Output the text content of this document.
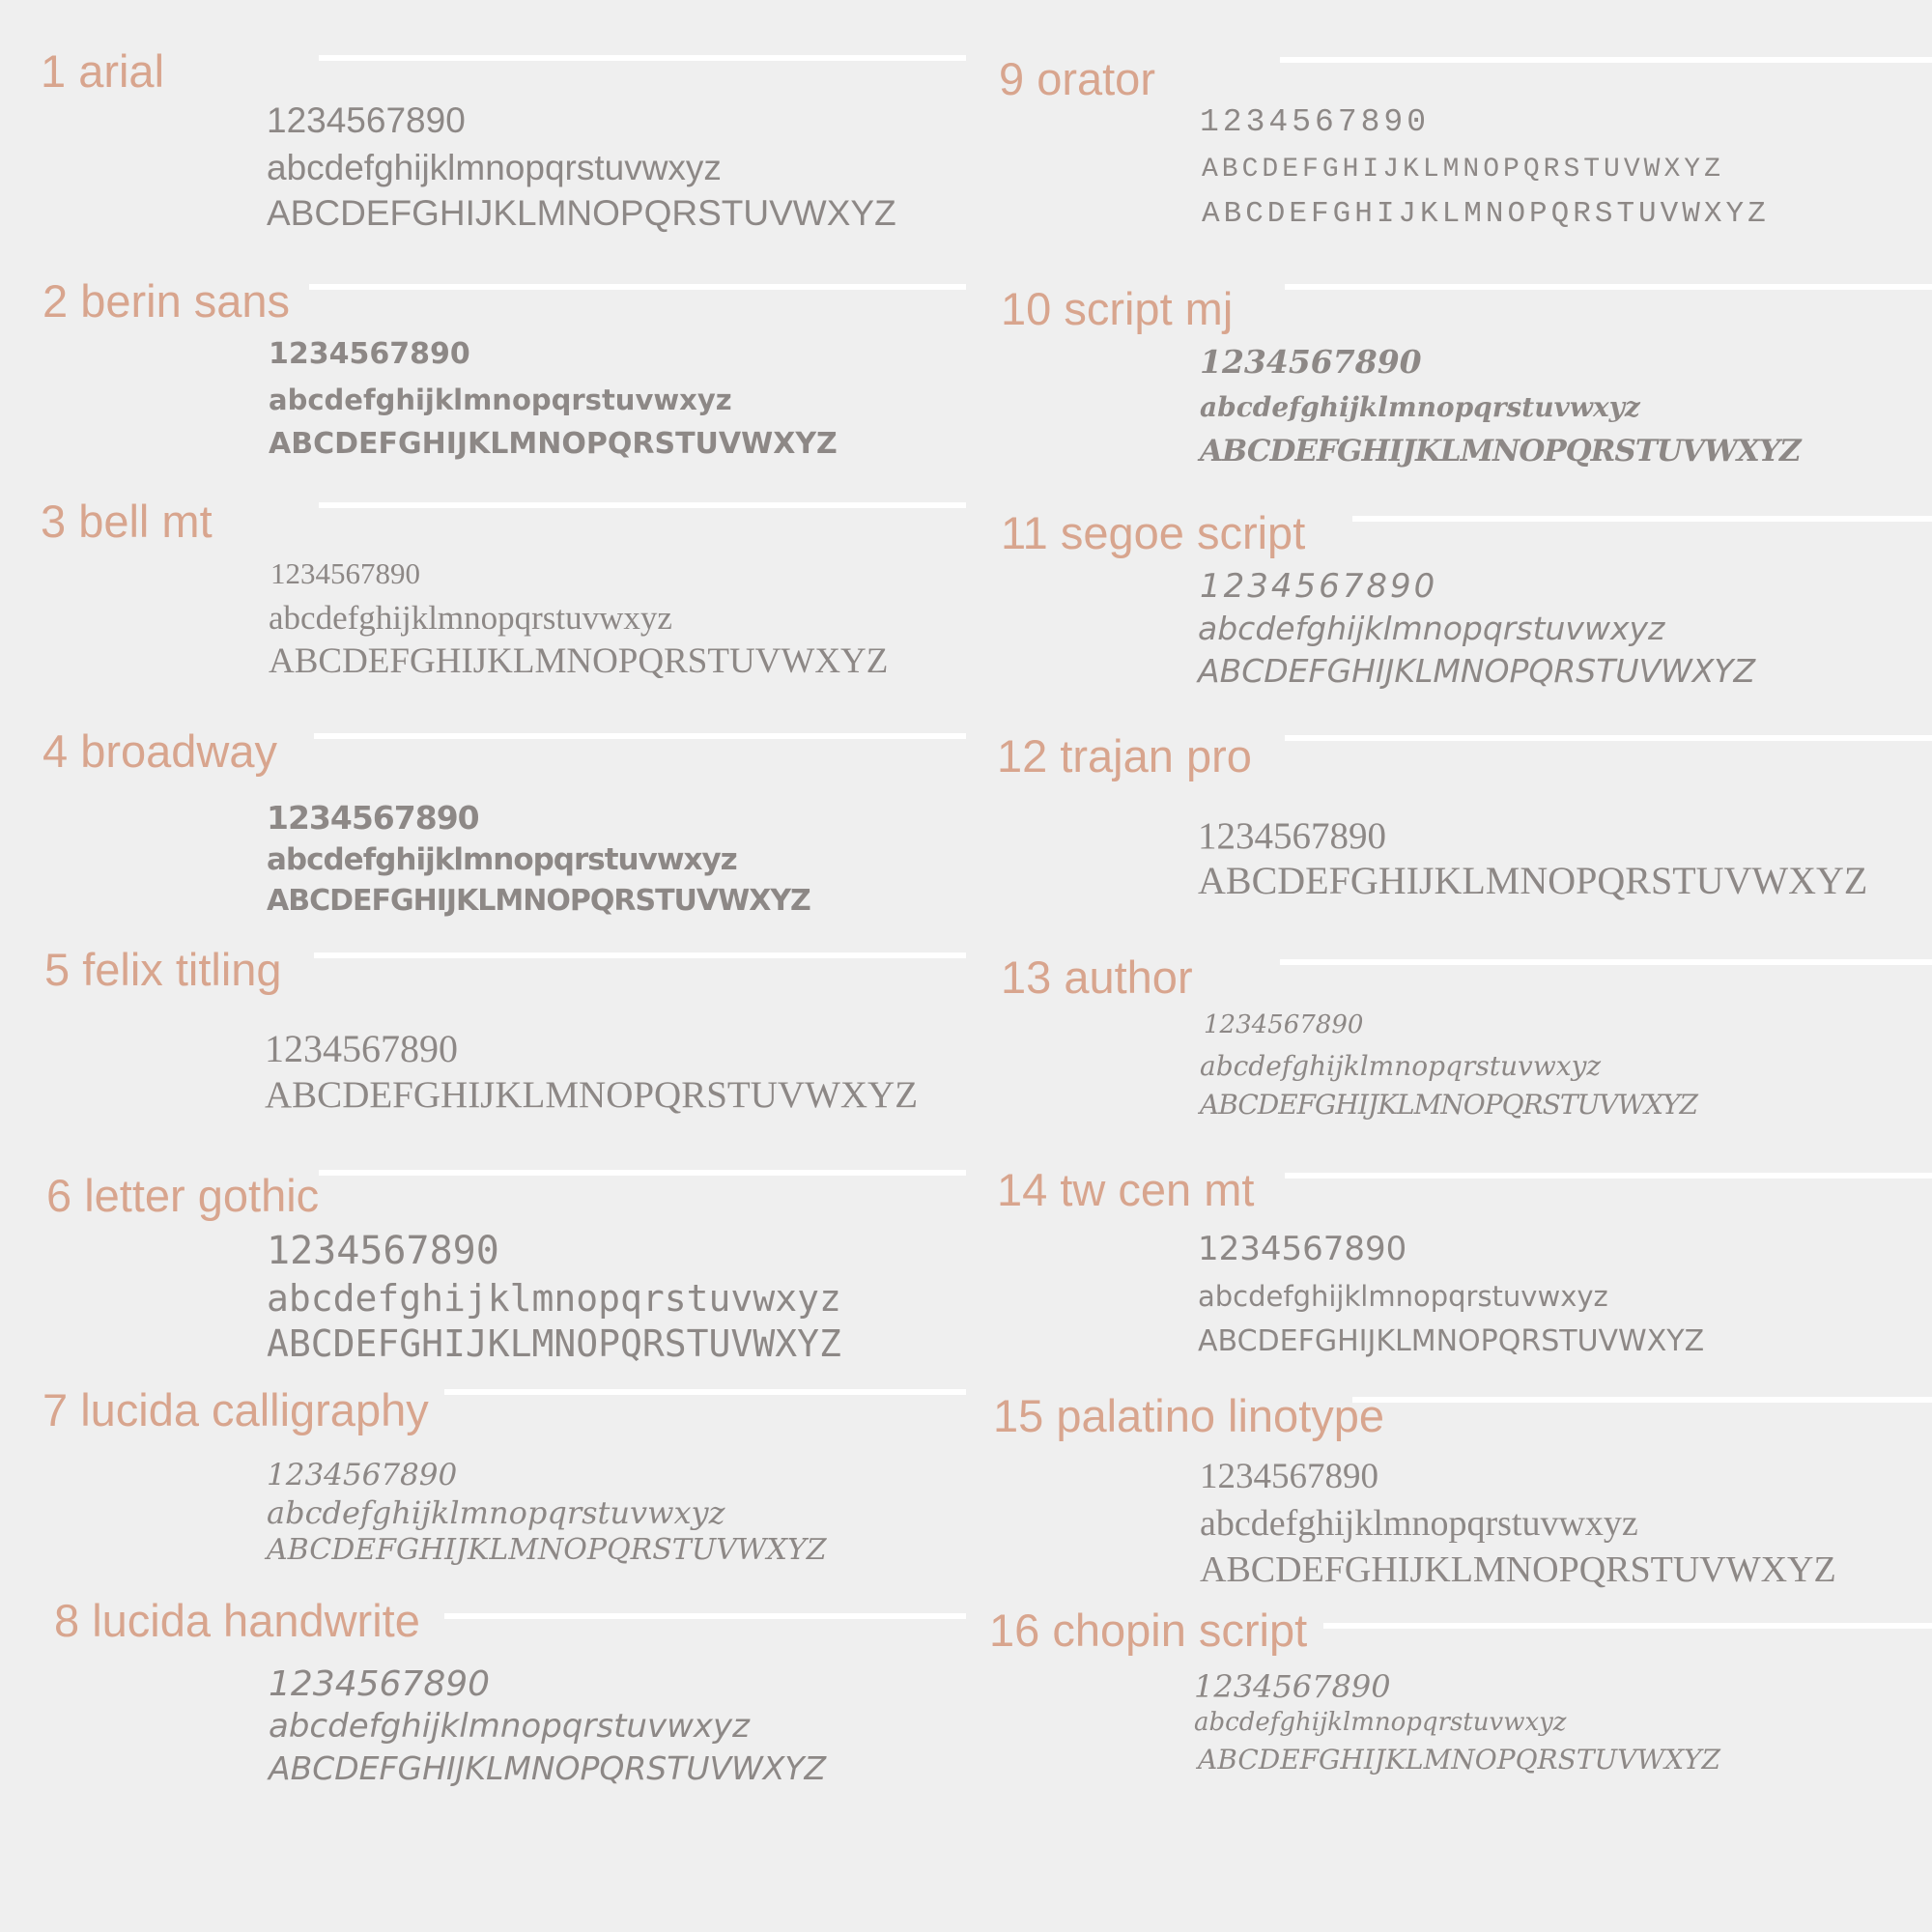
1 arial
1234567890
abcdefghijklmnopqrstuvwxyz
ABCDEFGHIJKLMNOPQRSTUVWXYZ
2 berin sans
1234567890
abcdefghijklmnopqrstuvwxyz
ABCDEFGHIJKLMNOPQRSTUVWXYZ
3 bell mt
1234567890
abcdefghijklmnopqrstuvwxyz
ABCDEFGHIJKLMNOPQRSTUVWXYZ
4 broadway
1234567890
abcdefghijklmnopqrstuvwxyz
ABCDEFGHIJKLMNOPQRSTUVWXYZ
5 felix titling
1234567890
ABCDEFGHIJKLMNOPQRSTUVWXYZ
6 letter gothic
1234567890
abcdefghijklmnopqrstuvwxyz
ABCDEFGHIJKLMNOPQRSTUVWXYZ
7 lucida calligraphy
1234567890
abcdefghijklmnopqrstuvwxyz
ABCDEFGHIJKLMNOPQRSTUVWXYZ
8 lucida handwrite
1234567890
abcdefghijklmnopqrstuvwxyz
ABCDEFGHIJKLMNOPQRSTUVWXYZ
9 orator
1234567890
ABCDEFGHIJKLMNOPQRSTUVWXYZ
ABCDEFGHIJKLMNOPQRSTUVWXYZ
10 script mj
1234567890
abcdefghijklmnopqrstuvwxyz
ABCDEFGHIJKLMNOPQRSTUVWXYZ
11 segoe script
1234567890
abcdefghijklmnopqrstuvwxyz
ABCDEFGHIJKLMNOPQRSTUVWXYZ
12 trajan pro
1234567890
ABCDEFGHIJKLMNOPQRSTUVWXYZ
13 author
1234567890
abcdefghijklmnopqrstuvwxyz
ABCDEFGHIJKLMNOPQRSTUVWXYZ
14 tw cen mt
1234567890
abcdefghijklmnopqrstuvwxyz
ABCDEFGHIJKLMNOPQRSTUVWXYZ
15 palatino linotype
1234567890
abcdefghijklmnopqrstuvwxyz
ABCDEFGHIJKLMNOPQRSTUVWXYZ
16 chopin script
1234567890
abcdefghijklmnopqrstuvwxyz
ABCDEFGHIJKLMNOPQRSTUVWXYZ
